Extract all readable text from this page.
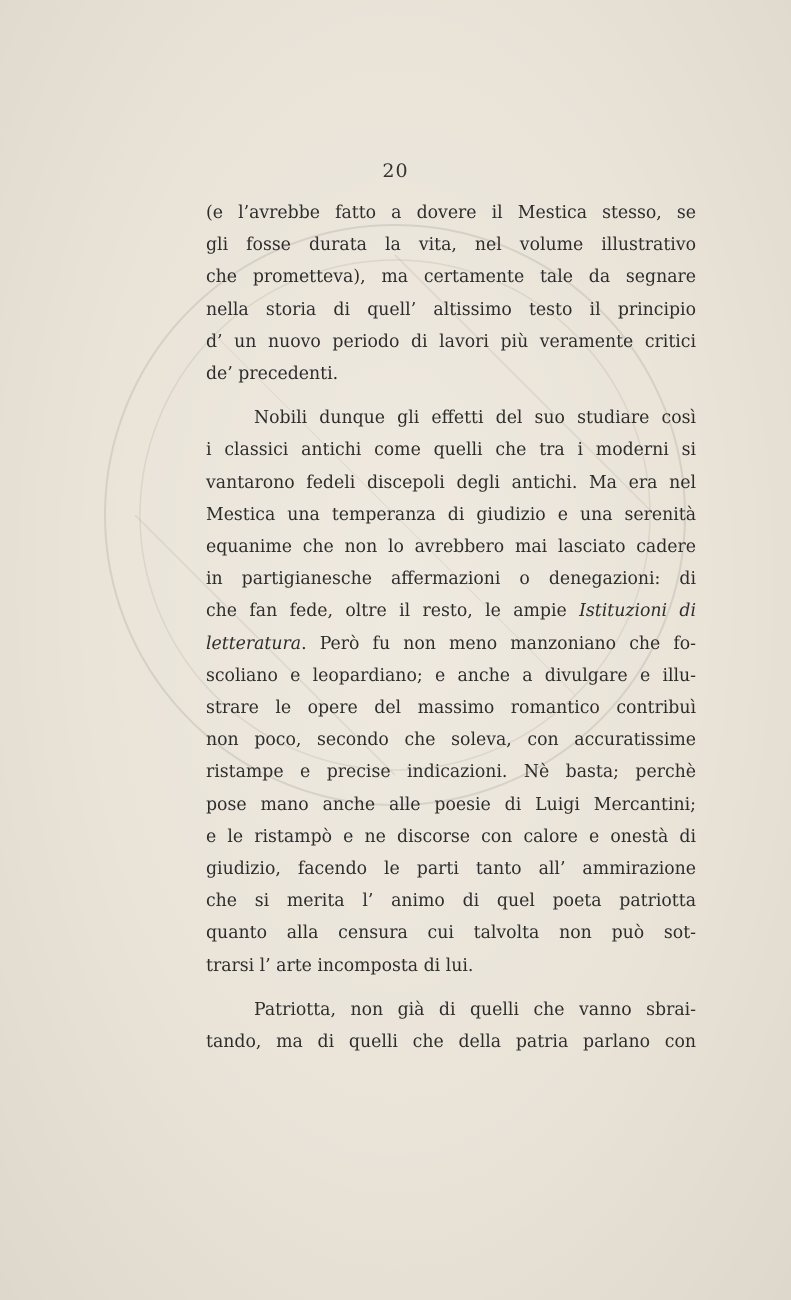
20

(e l’avrebbe fatto a dovere il Mestica stesso, se
gli fosse durata la vita, nel volume illustrativo
che prometteva), ma certamente tale da segnare
nella storia di quell’ altissimo testo il principio
d’ un nuovo periodo di lavori più veramente critici
de’ precedenti.

Nobili dunque gli effetti del suo studiare così
i classici antichi come quelli che tra i moderni si
vantarono fedeli discepoli degli antichi. Ma era nel
Mestica una temperanza di giudizio e una serenità
equanime che non lo avrebbero mai lasciato cadere
in partigianesche affermazioni o denegazioni: di
che fan fede, oltre il resto, le ampie Istituzioni di
letteratura. Però fu non meno manzoniano che fo-
scoliano e leopardiano; e anche a divulgare e illu-
strare le opere del massimo romantico contribuì
non poco, secondo che soleva, con accuratissime
ristampe e precise indicazioni. Nè basta; perchè
pose mano anche alle poesie di Luigi Mercantini;
e le ristampò e ne discorse con calore e onestà di
giudizio, facendo le parti tanto all’ ammirazione
che si merita l’ animo di quel poeta patriotta
quanto alla censura cui talvolta non può sot-
trarsi l’ arte incomposta di lui.

Patriotta, non già di quelli che vanno sbrai-
tando, ma di quelli che della patria parlano con
